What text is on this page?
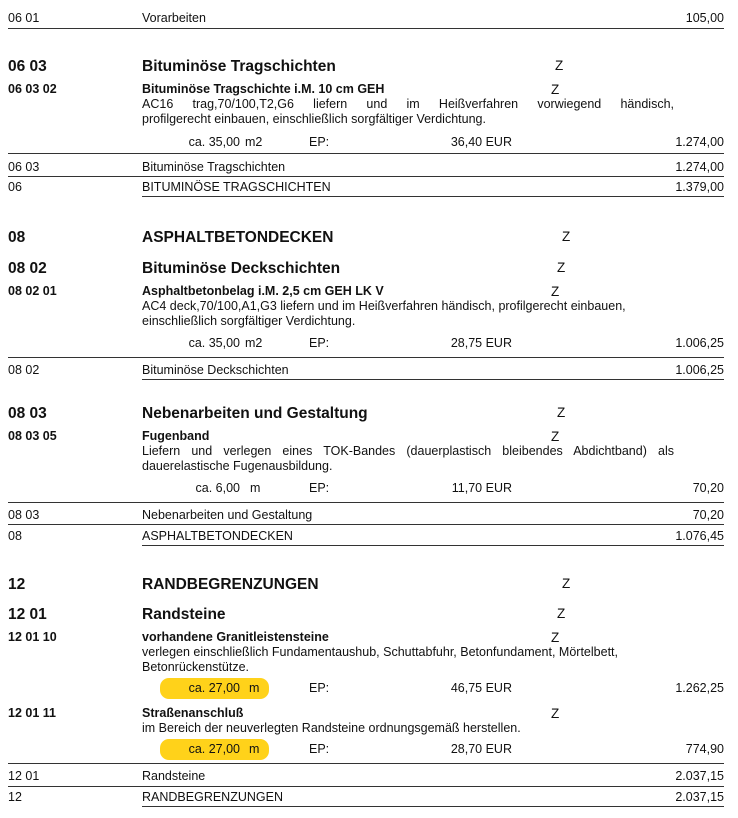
06 01	Vorarbeiten	105,00
06 03	Bituminöse Tragschichten	Z
06 03 02	Bituminöse Tragschichte i.M. 10 cm GEH	Z
AC16 trag,70/100,T2,G6 liefern und im Heißverfahren vorwiegend händisch,
profilgerecht einbauen, einschließlich sorgfältiger Verdichtung.
ca. 35,00 m2	EP:	36,40 EUR	1.274,00
06 03	Bituminöse Tragschichten	1.274,00
06	BITUMINÖSE TRAGSCHICHTEN	1.379,00
08	ASPHALTBETONDECKEN	Z
08 02	Bituminöse Deckschichten	Z
08 02 01	Asphaltbetonbelag i.M. 2,5 cm GEH LK V	Z
AC4 deck,70/100,A1,G3 liefern und im Heißverfahren händisch, profilgerecht einbauen,
einschließlich sorgfältiger Verdichtung.
ca. 35,00 m2	EP:	28,75 EUR	1.006,25
08 02	Bituminöse Deckschichten	1.006,25
08 03	Nebenarbeiten und Gestaltung	Z
08 03 05	Fugenband	Z
Liefern und verlegen eines TOK-Bandes (dauerplastisch bleibendes Abdichtband) als
dauerelastische Fugenausbildung.
ca. 6,00 m	EP:	11,70 EUR	70,20
08 03	Nebenarbeiten und Gestaltung	70,20
08	ASPHALTBETONDECKEN	1.076,45
12	RANDBEGRENZUNGEN	Z
12 01	Randsteine	Z
12 01 10	vorhandene Granitleistensteine	Z
verlegen einschließlich Fundamentaushub, Schuttabfuhr, Betonfundament, Mörtelbett,
Betonrückenstütze.
ca. 27,00 m	EP:	46,75 EUR	1.262,25
12 01 11	Straßenanschluß	Z
im Bereich der neuverlegten Randsteine ordnungsgemäß herstellen.
ca. 27,00 m	EP:	28,70 EUR	774,90
12 01	Randsteine	2.037,15
12	RANDBEGRENZUNGEN	2.037,15
